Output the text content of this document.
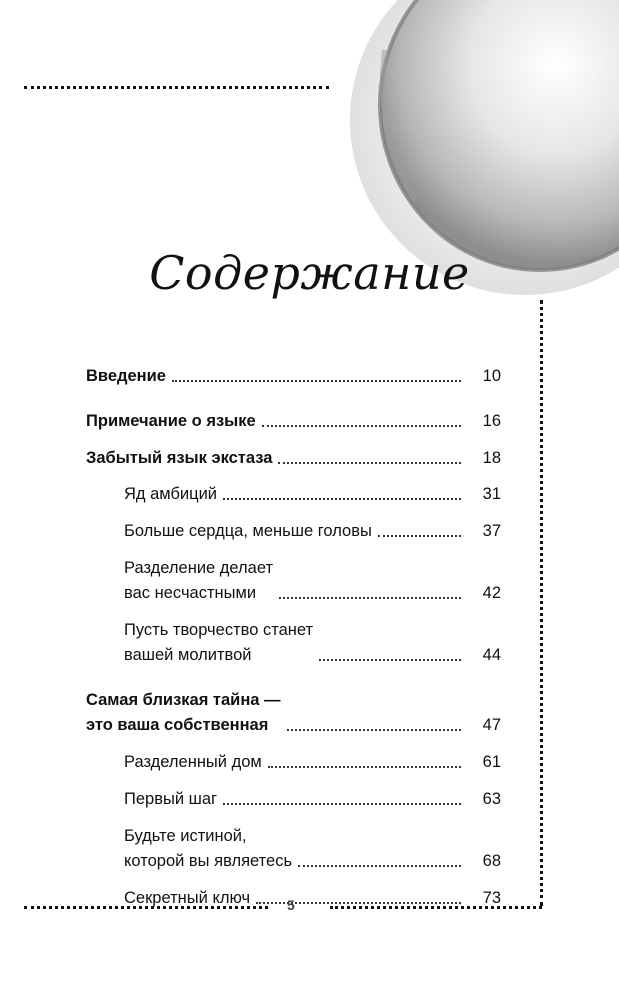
Содержание
Введение	10
Примечание о языке	16
Забытый язык экстаза	18
Яд амбиций	31
Больше сердца, меньше головы	37
Разделение делает
вас несчастными	42
Пусть творчество станет
вашей молитвой	44
Самая близкая тайна —
это ваша собственная	47
Разделенный дом	61
Первый шаг	63
Будьте истиной,
которой вы являетесь	68
Секретный ключ	73
5
